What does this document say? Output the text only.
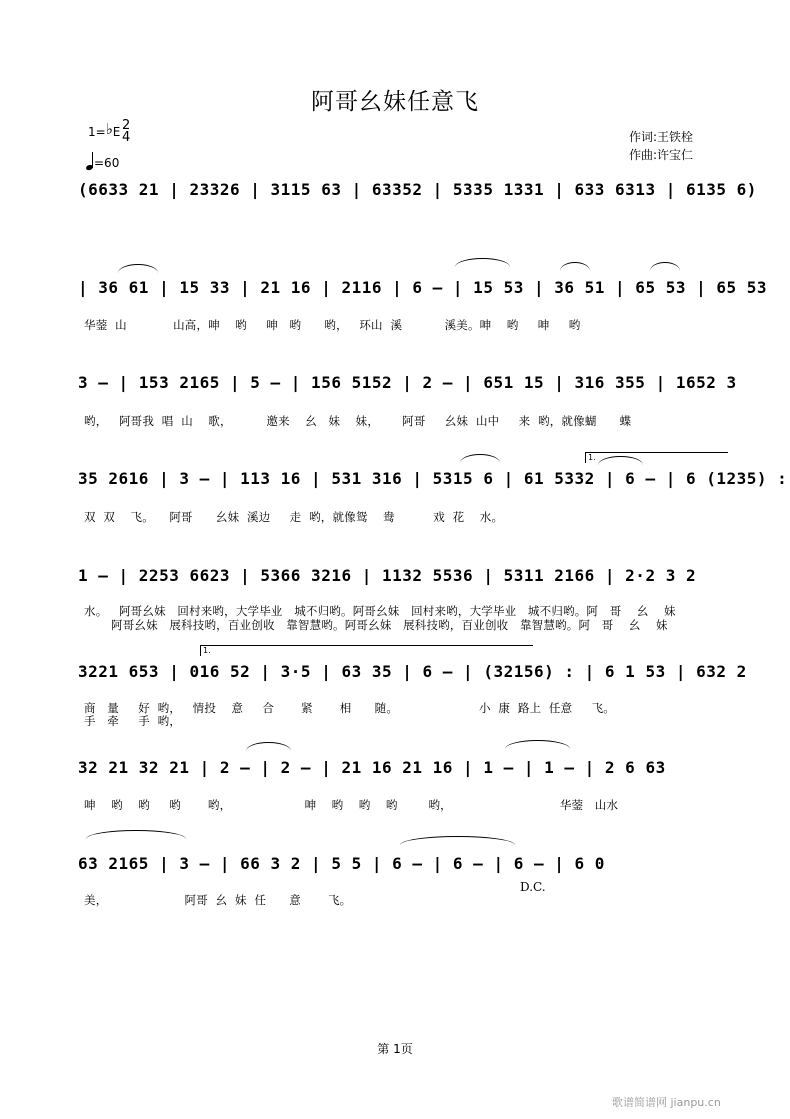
阿哥幺妹任意飞
1=♭E 2
4
=60
作词:王铁栓
作曲:许宝仁
(6633 21 | 23326 | 3115 63 | 63352 | 5335 1331 | 633 6313 | 6135 6)
| 36 61 | 15 33 | 21 16 | 2116 | 6 — | 15 53 | 36 51 | 65 53 | 65 53
3 — | 153 2165 | 5 — | 156 5152 | 2 — | 651 15 | 316 355 | 1652 3
35 2616 | 3 — | 113 16 | 531 316 | 5315 6 | 61 5332 | 6 — | 6 (1235) :
1 — | 2253 6623 | 5366 3216 | 1132 5536 | 5311 2166 | 2·2 3 2
3221 653 | 016 52 | 3·5 | 63 35 | 6 — | (32156) : | 6 1 53 | 632 2
32 21 32 21 | 2 — | 2 — | 21 16 21 16 | 1 — | 1 — | 2 6 63
63 2165 | 3 — | 66 3 2 | 5 5 | 6 — | 6 — | 6 — | 6 0
1.
1.
华蓥  山            山高，呻    哟     呻   哟      哟，   环山  溪           溪美。呻    哟     呻     哟
哟，   阿哥我  唱  山    歌，         邀来    幺   妹    妹，      阿哥     幺妹  山中     来  哟，就像蝴      蝶
双  双    飞。    阿哥      幺妹  溪边     走  哟，就像鸳    鸯          戏  花    水。
水。   阿哥幺妹   回村来哟，大学毕业   城不归哟。阿哥幺妹   回村来哟，大学毕业   城不归哟。阿   哥    幺    妹
阿哥幺妹   展科技哟，百业创收   靠智慧哟。阿哥幺妹   展科技哟，百业创收   靠智慧哟。阿   哥    幺    妹
商   量     好  哟，   情投    意     合       紧       相      随。                     小  康  路上  任意     飞。
手   牵     手  哟，
呻    哟    哟     哟       哟，                   呻    哟    哟    哟        哟，                            华蓥   山水
美，                    阿哥  幺  妹  任      意       飞。
D.C.
第 1页
歌谱简谱网 jianpu.cn
